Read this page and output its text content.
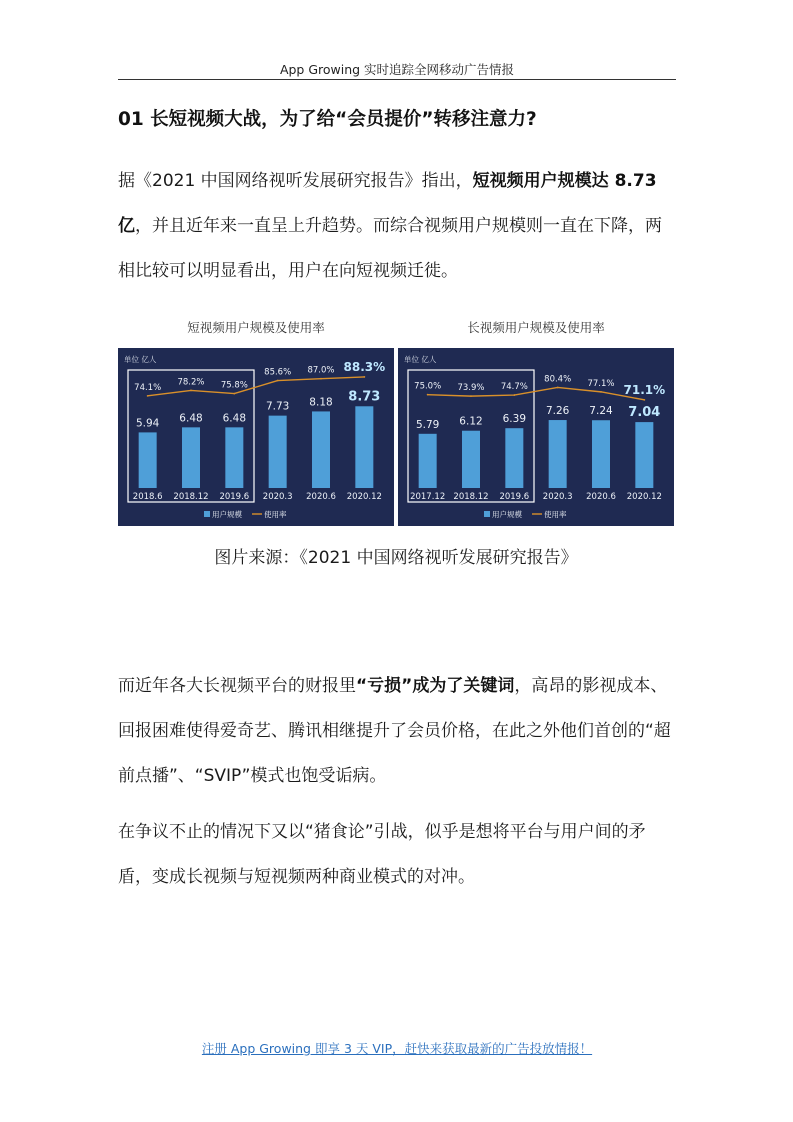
App Growing 实时追踪全网移动广告情报
01 长短视频大战，为了给“会员提价”转移注意力?
据《2021 中国网络视听发展研究报告》指出，短视频用户规模达 8.73 亿，并且近年来一直呈上升趋势。而综合视频用户规模则一直在下降，两相比较可以明显看出，用户在向短视频迁徙。
短视频用户规模及使用率
单位 亿人
5.94
2018.6
6.48
2018.12
6.48
2019.6
7.73
2020.3
8.18
2020.6
8.73
2020.12
74.1%
78.2% 75.8%
85.6% 87.0% 88.3%
用户规模	使用率
长视频用户规模及使用率
单位 亿人
5.79
2017.12
6.12
2018.12
6.39
2019.6
7.26
2020.3
7.24
2020.6
7.04
2020.12
75.0% 73.9% 74.7%
80.4% 77.1% 71.1%
用户规模	使用率
图片来源：《2021 中国网络视听发展研究报告》
而近年各大长视频平台的财报里“亏损”成为了关键词，高昂的影视成本、回报困难使得爱奇艺、腾讯相继提升了会员价格，在此之外他们首创的“超前点播”、“SVIP”模式也饱受诟病。
在争议不止的情况下又以“猪食论”引战，似乎是想将平台与用户间的矛盾，变成长视频与短视频两种商业模式的对冲。
注册 App Growing 即享 3 天 VIP，赶快来获取最新的广告投放情报！
